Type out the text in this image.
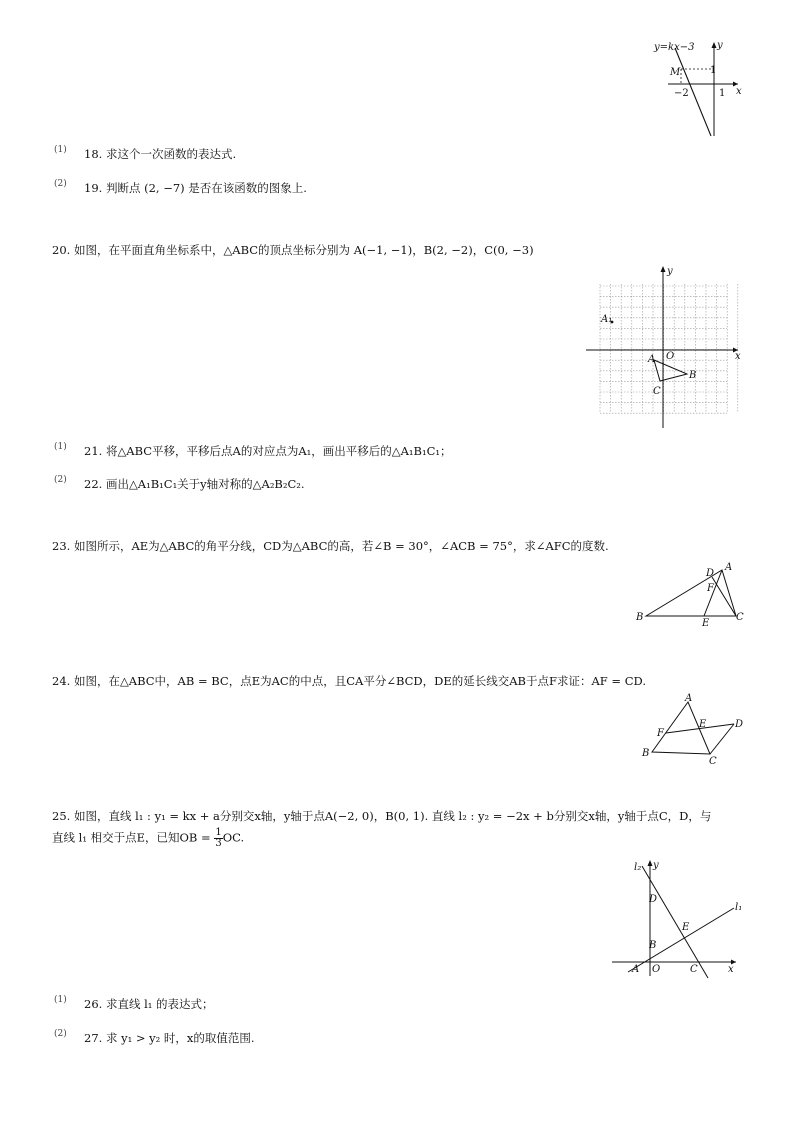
y=kx−3 y
x
M	1
−2	1
(1) 18. 求这个一次函数的表达式.
(2) 19. 判断点 (2, −7) 是否在该函数的图象上.
20. 如图，在平面直角坐标系中，△ABC的顶点坐标分别为 A(−1, −1)，B(2, −2)，C(0, −3)
y
x
O
A₁
A
B
C
(1) 21. 将△ABC平移，平移后点A的对应点为A₁，画出平移后的△A₁B₁C₁；
(2) 22. 画出△A₁B₁C₁关于y轴对称的△A₂B₂C₂.
23. 如图所示，AE为△ABC的角平分线，CD为△ABC的高，若∠B = 30°，∠ACB = 75°，求∠AFC的度数.
A
B	C
D
E
F
24. 如图，在△ABC中，AB = BC，点E为AC的中点，且CA平分∠BCD，DE的延长线交AB于点F求证：AF = CD.
A
B
C
D
E
F
25. 如图，直线 l₁ : y₁ = kx + a分别交x轴，y轴于点A(−2, 0)，B(0, 1). 直线 l₂ : y₂ = −2x + b分别交x轴，y轴于点C，D，与
直线 l₁ 相交于点E，已知OB = $\frac{1}{3}$ OC.
l₂
l₁
y
x
A
B
C
D
E
O
(1) 26. 求直线 l₁ 的表达式；
(2) 27. 求 y₁ > y₂ 时，x的取值范围.
